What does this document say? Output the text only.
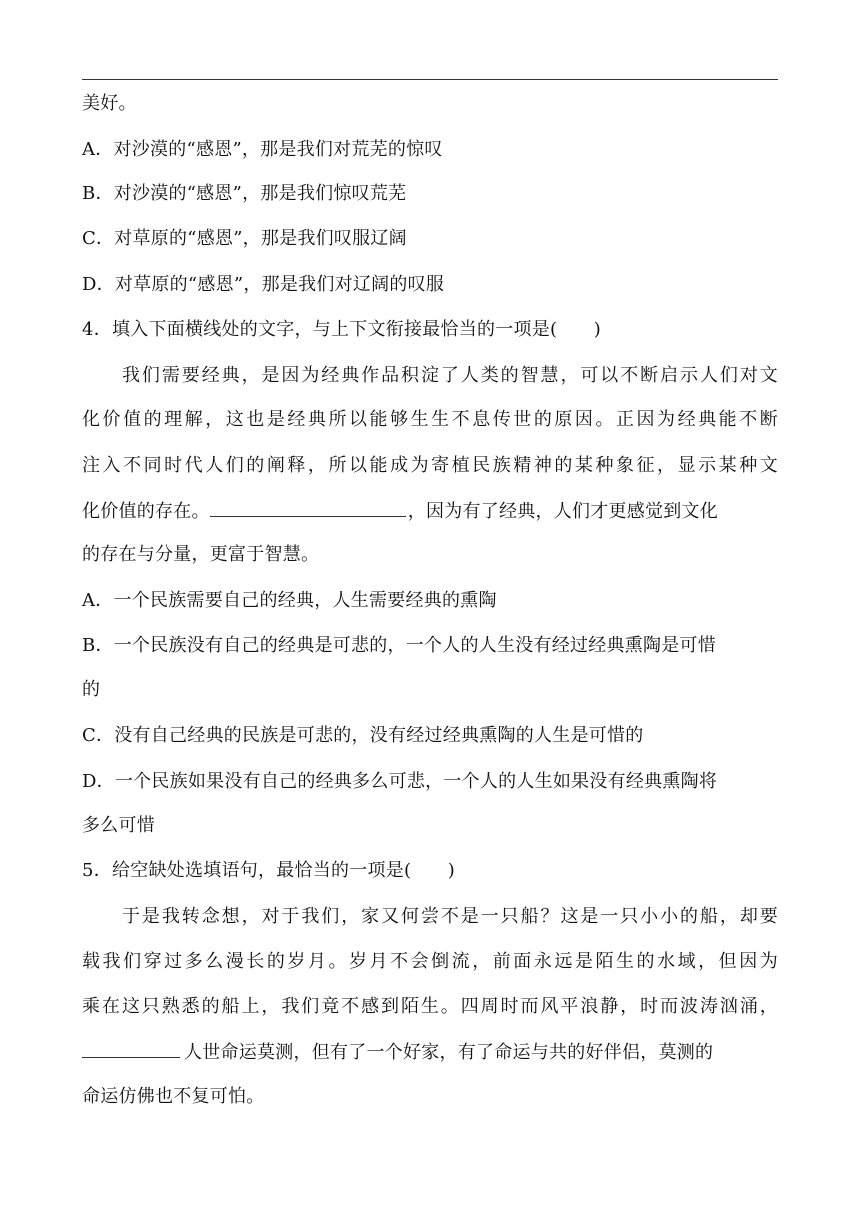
美好。
A．对沙漠的“感恩”，那是我们对荒芜的惊叹
B．对沙漠的“感恩”，那是我们惊叹荒芜
C．对草原的“感恩”，那是我们叹服辽阔
D．对草原的“感恩”，那是我们对辽阔的叹服
4．填入下面横线处的文字，与上下文衔接最恰当的一项是(　　)
我们需要经典，是因为经典作品积淀了人类的智慧，可以不断启示人们对文
化价值的理解，这也是经典所以能够生生不息传世的原因。正因为经典能不断
注入不同时代人们的阐释，所以能成为寄植民族精神的某种象征，显示某种文
化价值的存在。	，因为有了经典，人们才更感觉到文化
的存在与分量，更富于智慧。
A．一个民族需要自己的经典，人生需要经典的熏陶
B．一个民族没有自己的经典是可悲的，一个人的人生没有经过经典熏陶是可惜
的
C．没有自己经典的民族是可悲的，没有经过经典熏陶的人生是可惜的
D．一个民族如果没有自己的经典多么可悲，一个人的人生如果没有经典熏陶将
多么可惜
5．给空缺处选填语句，最恰当的一项是(　　)
于是我转念想，对于我们，家又何尝不是一只船？这是一只小小的船，却要
载我们穿过多么漫长的岁月。岁月不会倒流，前面永远是陌生的水域，但因为
乘在这只熟悉的船上，我们竟不感到陌生。四周时而风平浪静，时而波涛汹涌，
人世命运莫测，但有了一个好家，有了命运与共的好伴侣，莫测的
命运仿佛也不复可怕。
